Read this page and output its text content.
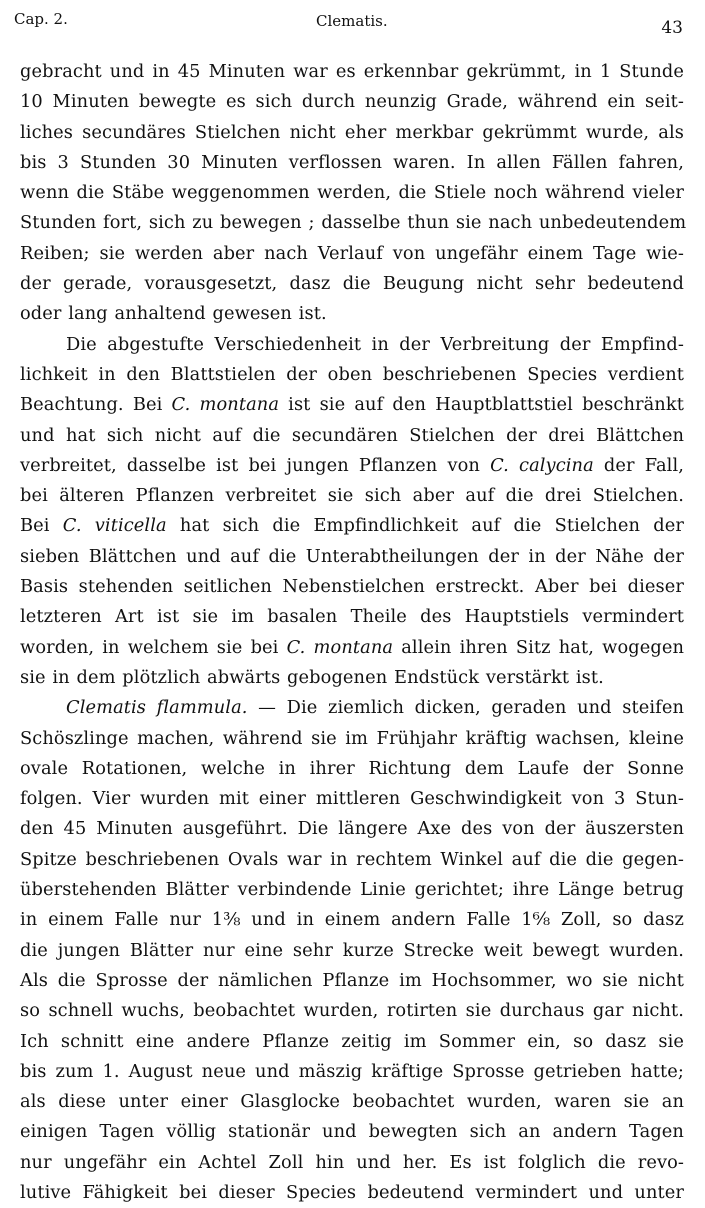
Cap. 2.	Clematis.	43
gebracht und in 45 Minuten war es erkennbar gekrümmt, in 1 Stunde
10 Minuten bewegte es sich durch neunzig Grade, während ein seit-
liches secundäres Stielchen nicht eher merkbar gekrümmt wurde, als
bis 3 Stunden 30 Minuten verflossen waren. In allen Fällen fahren,
wenn die Stäbe weggenommen werden, die Stiele noch während vieler
Stunden fort, sich zu bewegen ; dasselbe thun sie nach unbedeutendem
Reiben; sie werden aber nach Verlauf von ungefähr einem Tage wie-
der gerade, vorausgesetzt, dasz die Beugung nicht sehr bedeutend
oder lang anhaltend gewesen ist.
Die abgestufte Verschiedenheit in der Verbreitung der Empfind-
lichkeit in den Blattstielen der oben beschriebenen Species verdient
Beachtung. Bei C. montana ist sie auf den Hauptblattstiel beschränkt
und hat sich nicht auf die secundären Stielchen der drei Blättchen
verbreitet, dasselbe ist bei jungen Pflanzen von C. calycina der Fall,
bei älteren Pflanzen verbreitet sie sich aber auf die drei Stielchen.
Bei C. viticella hat sich die Empfindlichkeit auf die Stielchen der
sieben Blättchen und auf die Unterabtheilungen der in der Nähe der
Basis stehenden seitlichen Nebenstielchen erstreckt. Aber bei dieser
letzteren Art ist sie im basalen Theile des Hauptstiels vermindert
worden, in welchem sie bei C. montana allein ihren Sitz hat, wogegen
sie in dem plötzlich abwärts gebogenen Endstück verstärkt ist.
Clematis flammula. — Die ziemlich dicken, geraden und steifen
Schöszlinge machen, während sie im Frühjahr kräftig wachsen, kleine
ovale Rotationen, welche in ihrer Richtung dem Laufe der Sonne
folgen. Vier wurden mit einer mittleren Geschwindigkeit von 3 Stun-
den 45 Minuten ausgeführt. Die längere Axe des von der äuszersten
Spitze beschriebenen Ovals war in rechtem Winkel auf die die gegen-
überstehenden Blätter verbindende Linie gerichtet; ihre Länge betrug
in einem Falle nur 1⅜ und in einem andern Falle 1⁶⁄₈ Zoll, so dasz
die jungen Blätter nur eine sehr kurze Strecke weit bewegt wurden.
Als die Sprosse der nämlichen Pflanze im Hochsommer, wo sie nicht
so schnell wuchs, beobachtet wurden, rotirten sie durchaus gar nicht.
Ich schnitt eine andere Pflanze zeitig im Sommer ein, so dasz sie
bis zum 1. August neue und mäszig kräftige Sprosse getrieben hatte;
als diese unter einer Glasglocke beobachtet wurden, waren sie an
einigen Tagen völlig stationär und bewegten sich an andern Tagen
nur ungefähr ein Achtel Zoll hin und her. Es ist folglich die revo-
lutive Fähigkeit bei dieser Species bedeutend vermindert und unter
